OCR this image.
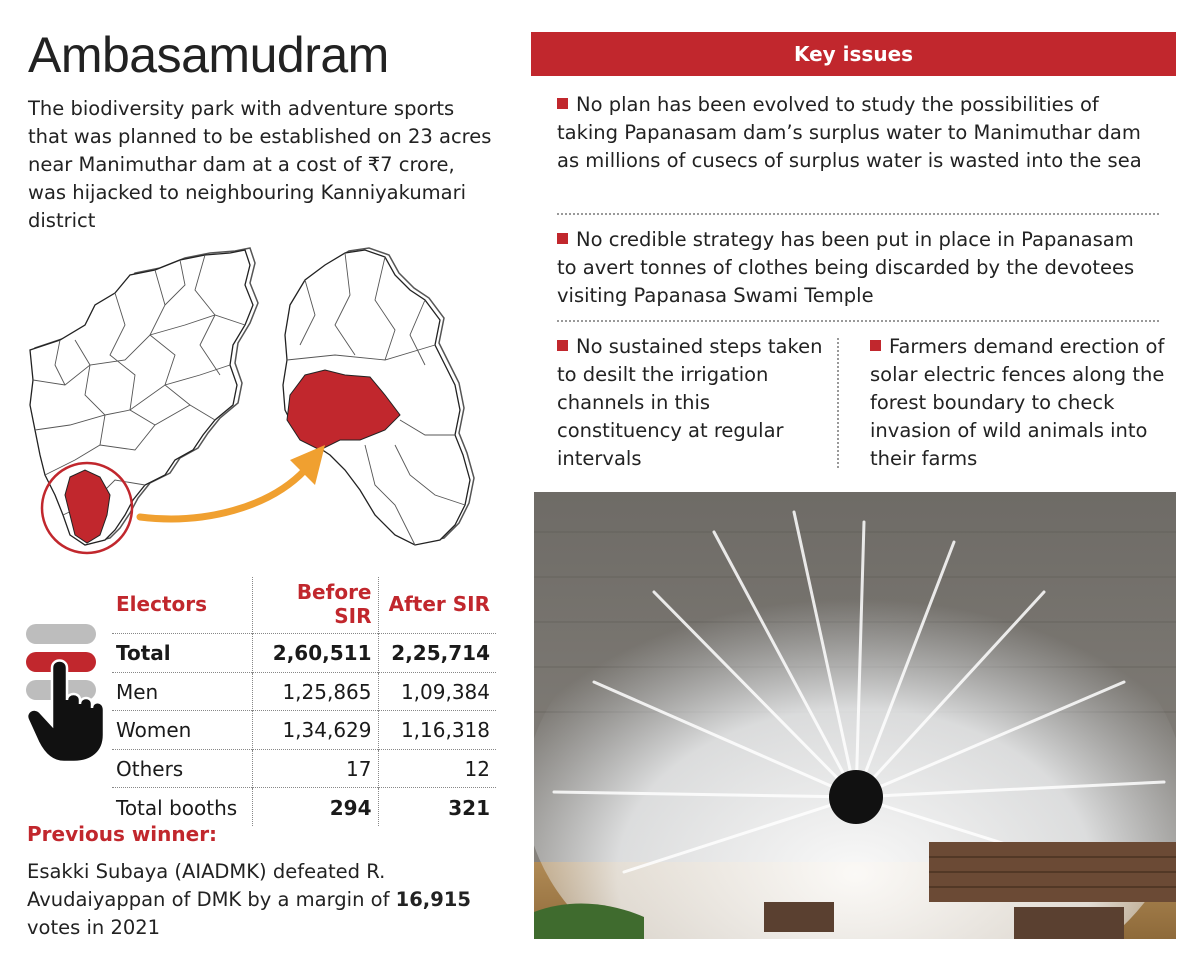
Ambasamudram
The biodiversity park with adventure sports that was planned to be established on 23 acres near Manimuthar dam at a cost of ₹7 crore, was hijacked to neighbouring Kanniyakumari district
Electors	Before SIR	After SIR
Total	2,60,511	2,25,714
Men	1,25,865	1,09,384
Women	1,34,629	1,16,318
Others	17	12
Total booths	294	321
Previous winner:
Esakki Subaya (AIADMK) defeated R. Avudaiyappan of DMK by a margin of 16,915 votes in 2021
Key issues
No plan has been evolved to study the possibilities of taking Papanasam dam’s surplus water to Manimuthar dam as millions of cusecs of surplus water is wasted into the sea
No credible strategy has been put in place in Papanasam to avert tonnes of clothes being discarded by the devotees visiting Papanasa Swami Temple
No sustained steps taken to desilt the irrigation channels in this constituency at regular intervals
Farmers demand erection of solar electric fences along the forest boundary to check invasion of wild animals into their farms
